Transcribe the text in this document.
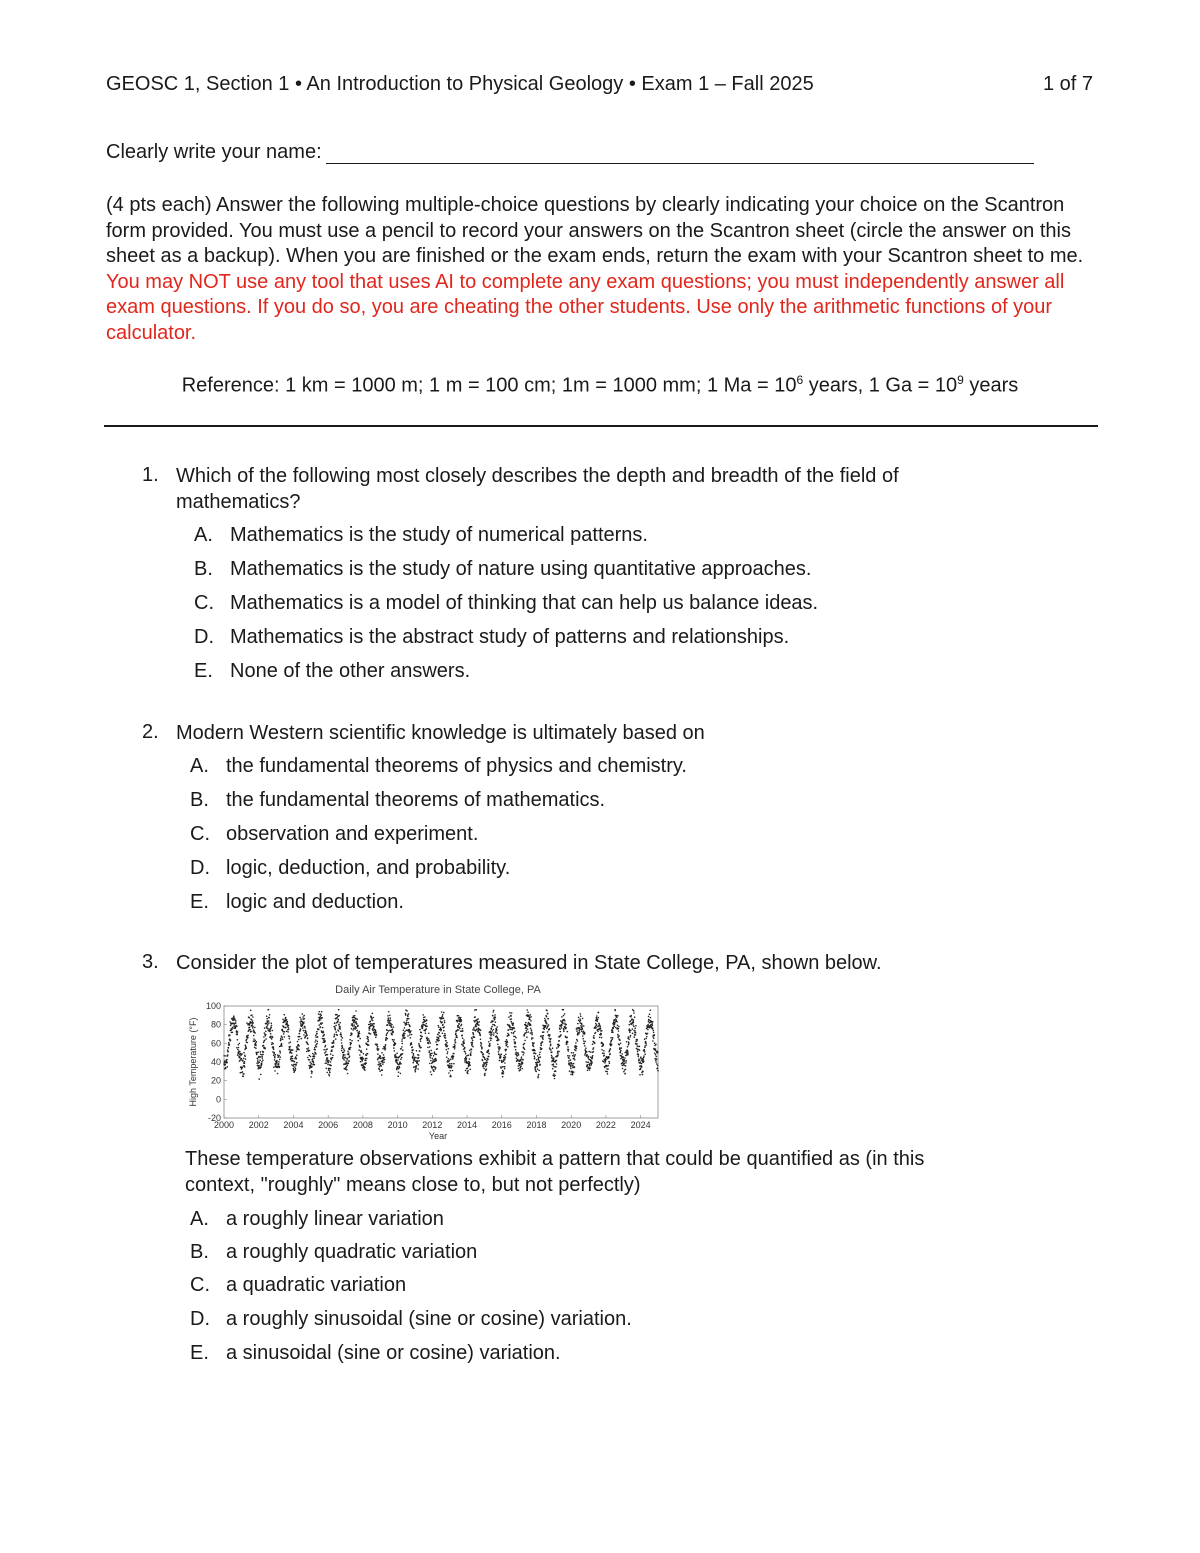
GEOSC 1, Section 1 • An Introduction to Physical Geology • Exam 1 – Fall 2025	1 of 7
Clearly write your name:
(4 pts each) Answer the following multiple-choice questions by clearly indicating your choice on the Scantron form provided. You must use a pencil to record your answers on the Scantron sheet (circle the answer on this sheet as a backup). When you are finished or the exam ends, return the exam with your Scantron sheet to me. You may NOT use any tool that uses AI to complete any exam questions; you must independently answer all exam questions. If you do so, you are cheating the other students. Use only the arithmetic functions of your calculator.
Reference: 1 km = 1000 m; 1 m = 100 cm; 1m = 1000 mm; 1 $Ma = 10^6$ years, 1 $Ga = 10^9$ years
1. Which of the following most closely describes the depth and breadth of the field of mathematics?
A. Mathematics is the study of numerical patterns.
B. Mathematics is the study of nature using quantitative approaches.
C. Mathematics is a model of thinking that can help us balance ideas.
D. Mathematics is the abstract study of patterns and relationships.
E. None of the other answers.
2. Modern Western scientific knowledge is ultimately based on
A. the fundamental theorems of physics and chemistry.
B. the fundamental theorems of mathematics.
C. observation and experiment.
D. logic, deduction, and probability.
E. logic and deduction.
3. Consider the plot of temperatures measured in State College, PA, shown below.
Daily Air Temperature in State College, PA
-20
0
20
40
60
80
100
2000 2002 2004 2006 2008 2010 2012 2014 2016 2018 2020 2022 2024
Year
High Temperature (°F)
These temperature observations exhibit a pattern that could be quantified as (in this context, "roughly" means close to, but not perfectly)
A. a roughly linear variation
B. a roughly quadratic variation
C. a quadratic variation
D. a roughly sinusoidal (sine or cosine) variation.
E. a sinusoidal (sine or cosine) variation.
